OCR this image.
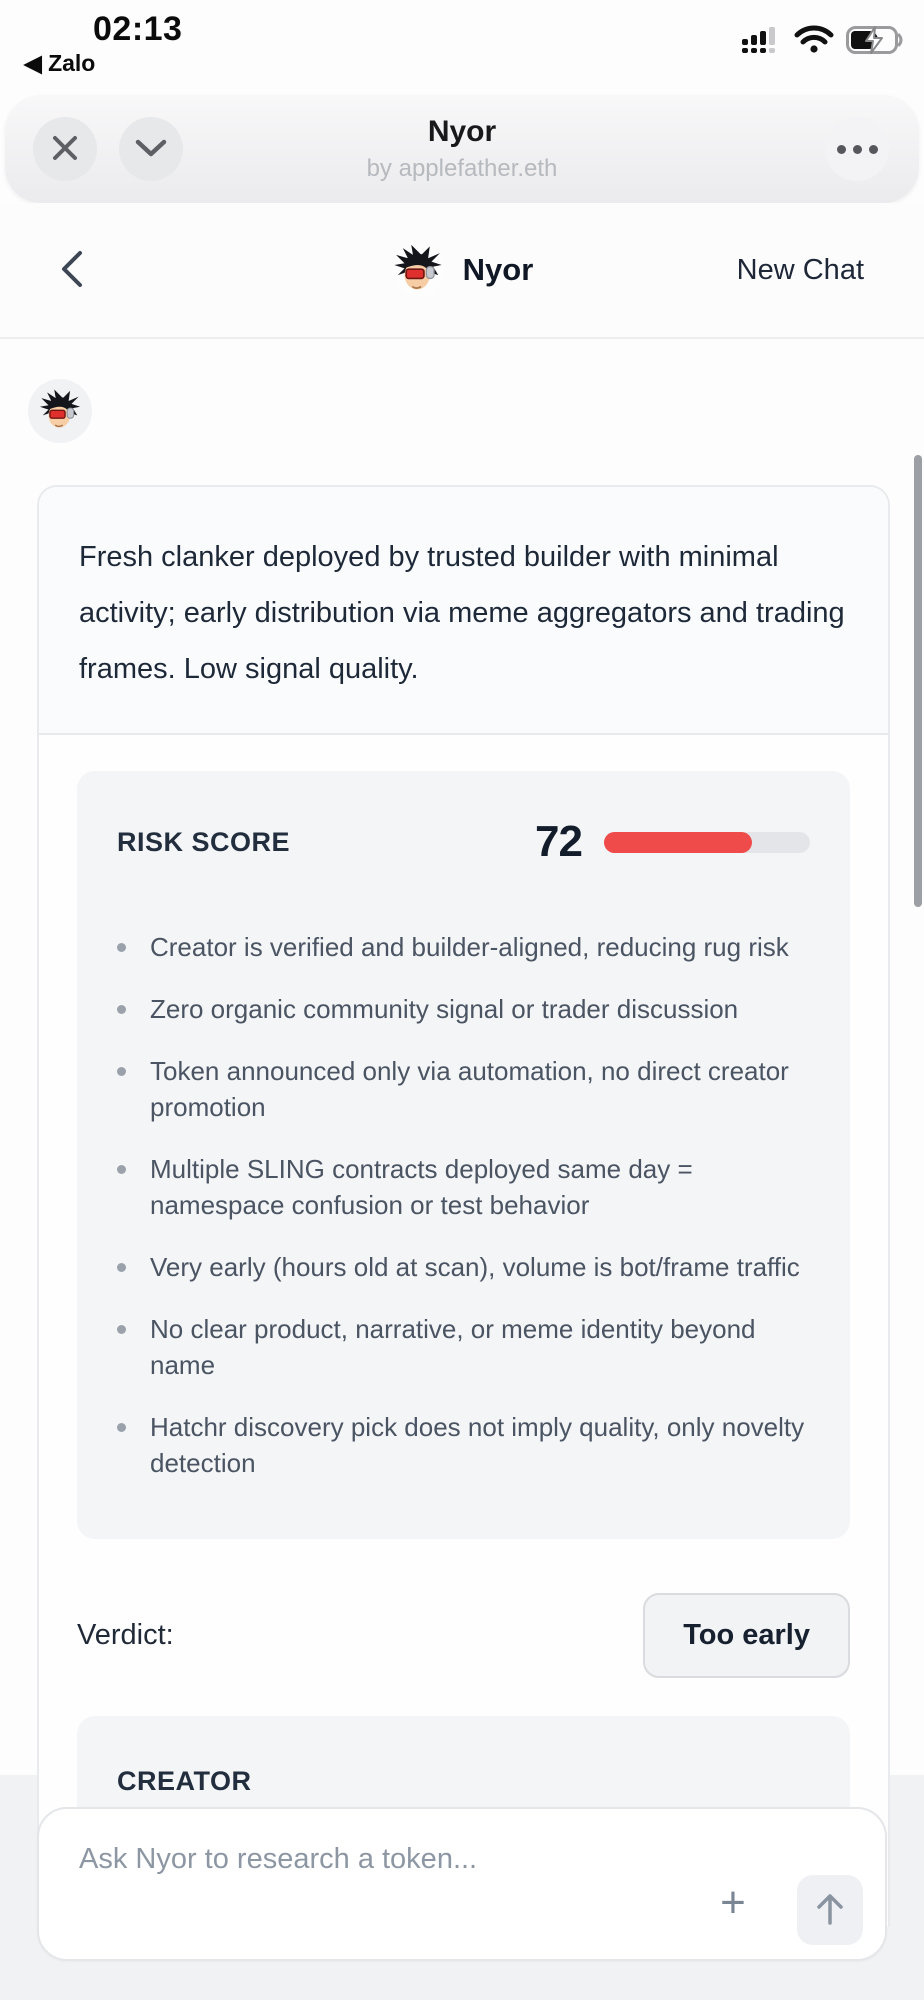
02:13
◀ Zalo
Nyor
by applefather.eth
Nyor	New Chat
Fresh clanker deployed by trusted builder with minimal activity; early distribution via meme aggregators and trading frames. Low signal quality.
RISK SCORE	72
Creator is verified and builder-aligned, reducing rug risk
Zero organic community signal or trader discussion
Token announced only via automation, no direct creator promotion
Multiple SLING contracts deployed same day = namespace confusion or test behavior
Very early (hours old at scan), volume is bot/frame traffic
No clear product, narrative, or meme identity beyond name
Hatchr discovery pick does not imply quality, only novelty detection
Verdict:	Too early
CREATOR
Ask Nyor to research a token...
+
